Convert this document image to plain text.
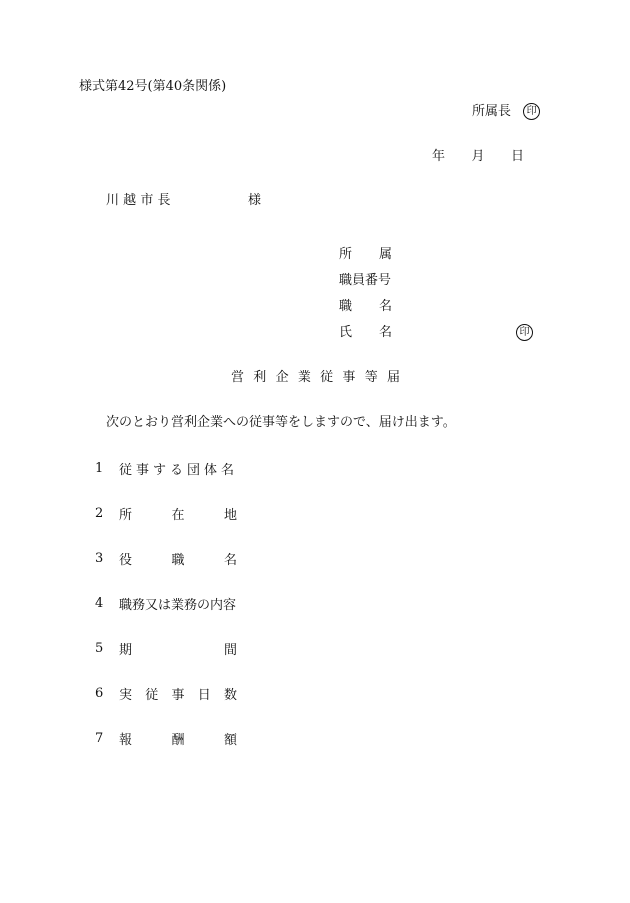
様式第42号(第40条関係)
所属長 印
年 月 日
川 越 市 長	様
所 属
職員番号
職 名
氏 名	印
営 利 企 業 従 事 等 届
次のとおり営利企業への従事等をしますので、届け出ます。
1	従事する団体名
2	所	在	地
3	役	職	名
4	職務又は業務の内容
5	期	間
6	実 従 事 日 数
7	報	酬	額
